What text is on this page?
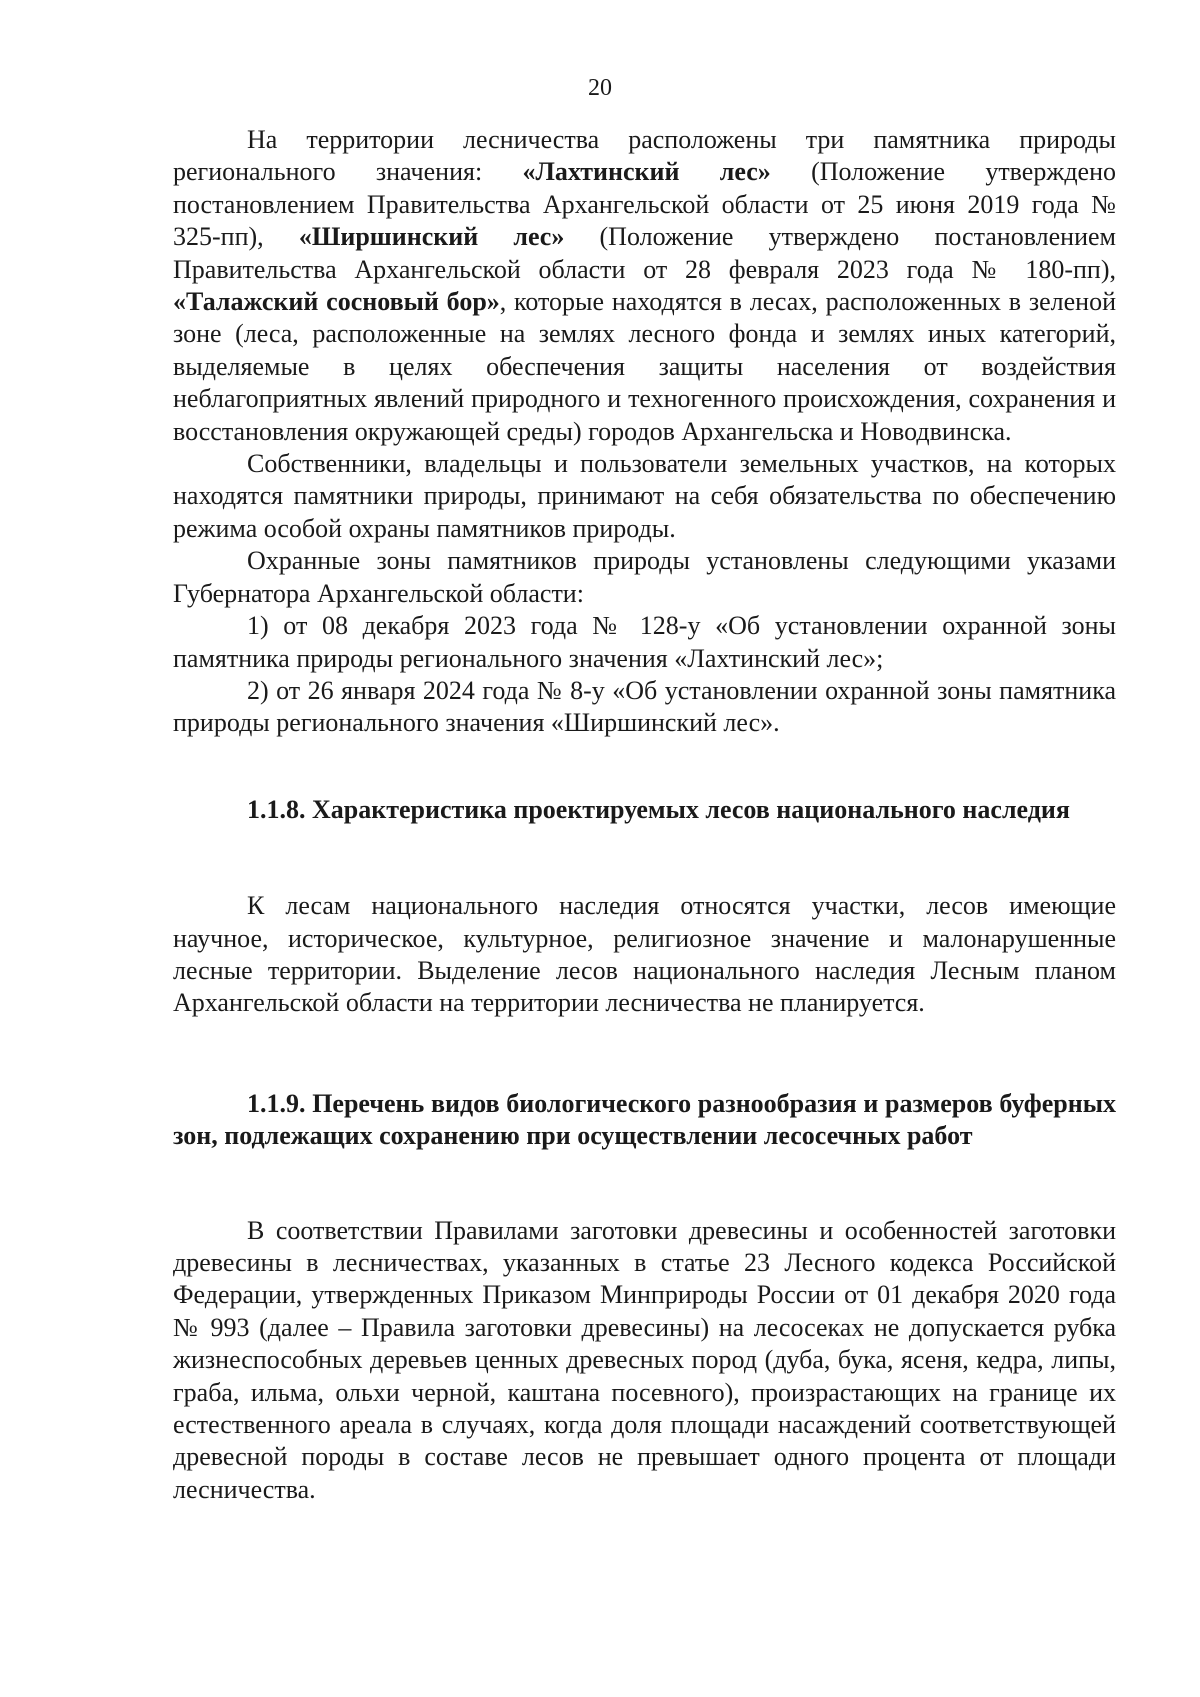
20

На территории лесничества расположены три памятника природы регионального значения: «Лахтинский лес» (Положение утверждено постановлением Правительства Архангельской области от 25 июня 2019 года № 325-пп), «Ширшинский лес» (Положение утверждено постановлением Правительства Архангельской области от 28 февраля 2023 года № 180-пп), «Талажский сосновый бор», которые находятся в лесах, расположенных в зеленой зоне (леса, расположенные на землях лесного фонда и землях иных категорий, выделяемые в целях обеспечения защиты населения от воздействия неблагоприятных явлений природного и техногенного происхождения, сохранения и восстановления окружающей среды) городов Архангельска и Новодвинска.

Собственники, владельцы и пользователи земельных участков, на которых находятся памятники природы, принимают на себя обязательства по обеспечению режима особой охраны памятников природы.

Охранные зоны памятников природы установлены следующими указами Губернатора Архангельской области:

1) от 08 декабря 2023 года № 128-у «Об установлении охранной зоны памятника природы регионального значения «Лахтинский лес»;

2) от 26 января 2024 года № 8-у «Об установлении охранной зоны памятника природы регионального значения «Ширшинский лес».

1.1.8. Характеристика проектируемых лесов национального наследия

К лесам национального наследия относятся участки, лесов имеющие научное, историческое, культурное, религиозное значение и малонарушенные лесные территории. Выделение лесов национального наследия Лесным планом Архангельской области на территории лесничества не планируется.

1.1.9. Перечень видов биологического разнообразия и размеров буферных зон, подлежащих сохранению при осуществлении лесосечных работ

В соответствии Правилами заготовки древесины и особенностей заготовки древесины в лесничествах, указанных в статье 23 Лесного кодекса Российской Федерации, утвержденных Приказом Минприроды России от 01 декабря 2020 года № 993 (далее – Правила заготовки древесины) на лесосеках не допускается рубка жизнеспособных деревьев ценных древесных пород (дуба, бука, ясеня, кедра, липы, граба, ильма, ольхи черной, каштана посевного), произрастающих на границе их естественного ареала в случаях, когда доля площади насаждений соответствующей древесной породы в составе лесов не превышает одного процента от площади лесничества.
